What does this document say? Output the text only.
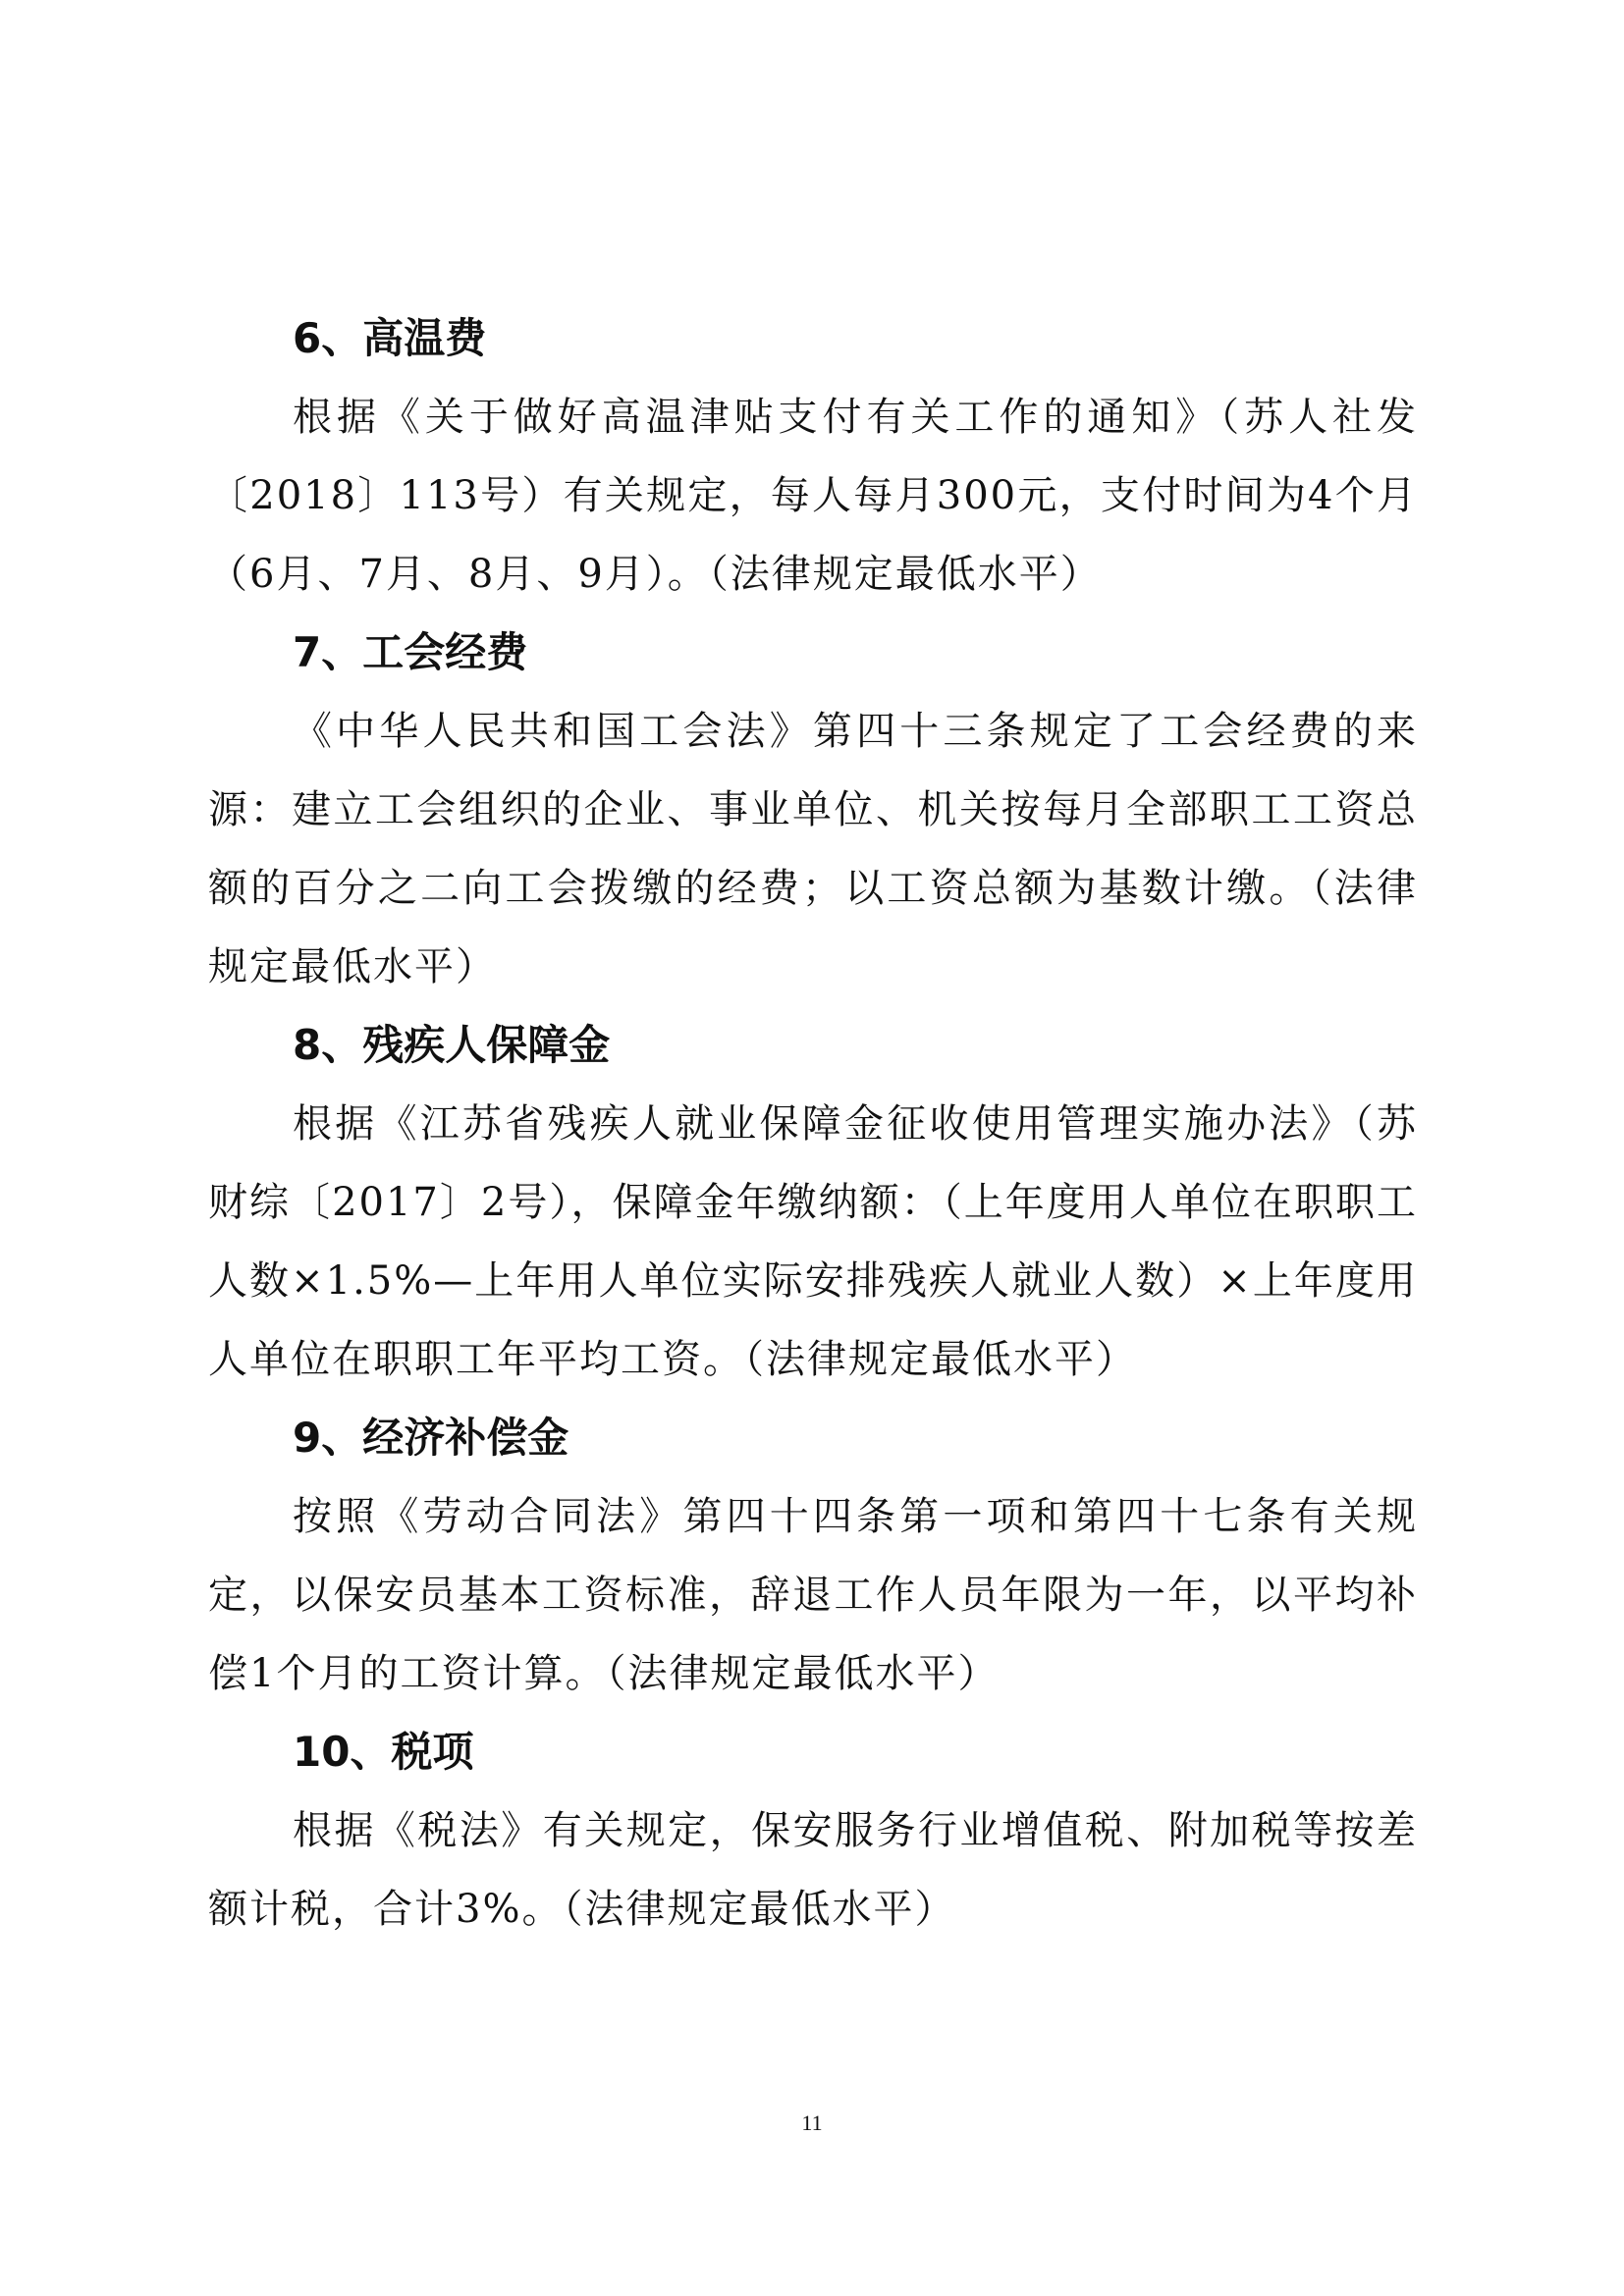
6、高温费
根据《关于做好高温津贴支付有关工作的通知》（苏人社发〔2018〕113号）有关规定，每人每月300元，支付时间为4个月（6月、7月、8月、9月）。（法律规定最低水平）
7、工会经费
《中华人民共和国工会法》第四十三条规定了工会经费的来源：建立工会组织的企业、事业单位、机关按每月全部职工工资总额的百分之二向工会拨缴的经费；以工资总额为基数计缴。（法律规定最低水平）
8、残疾人保障金
根据《江苏省残疾人就业保障金征收使用管理实施办法》（苏财综〔2017〕2号），保障金年缴纳额：（上年度用人单位在职职工人数×1.5%—上年用人单位实际安排残疾人就业人数）×上年度用人单位在职职工年平均工资。（法律规定最低水平）
9、经济补偿金
按照《劳动合同法》第四十四条第一项和第四十七条有关规定，以保安员基本工资标准，辞退工作人员年限为一年，以平均补偿1个月的工资计算。（法律规定最低水平）
10、税项
根据《税法》有关规定，保安服务行业增值税、附加税等按差额计税，合计3%。（法律规定最低水平）
11
